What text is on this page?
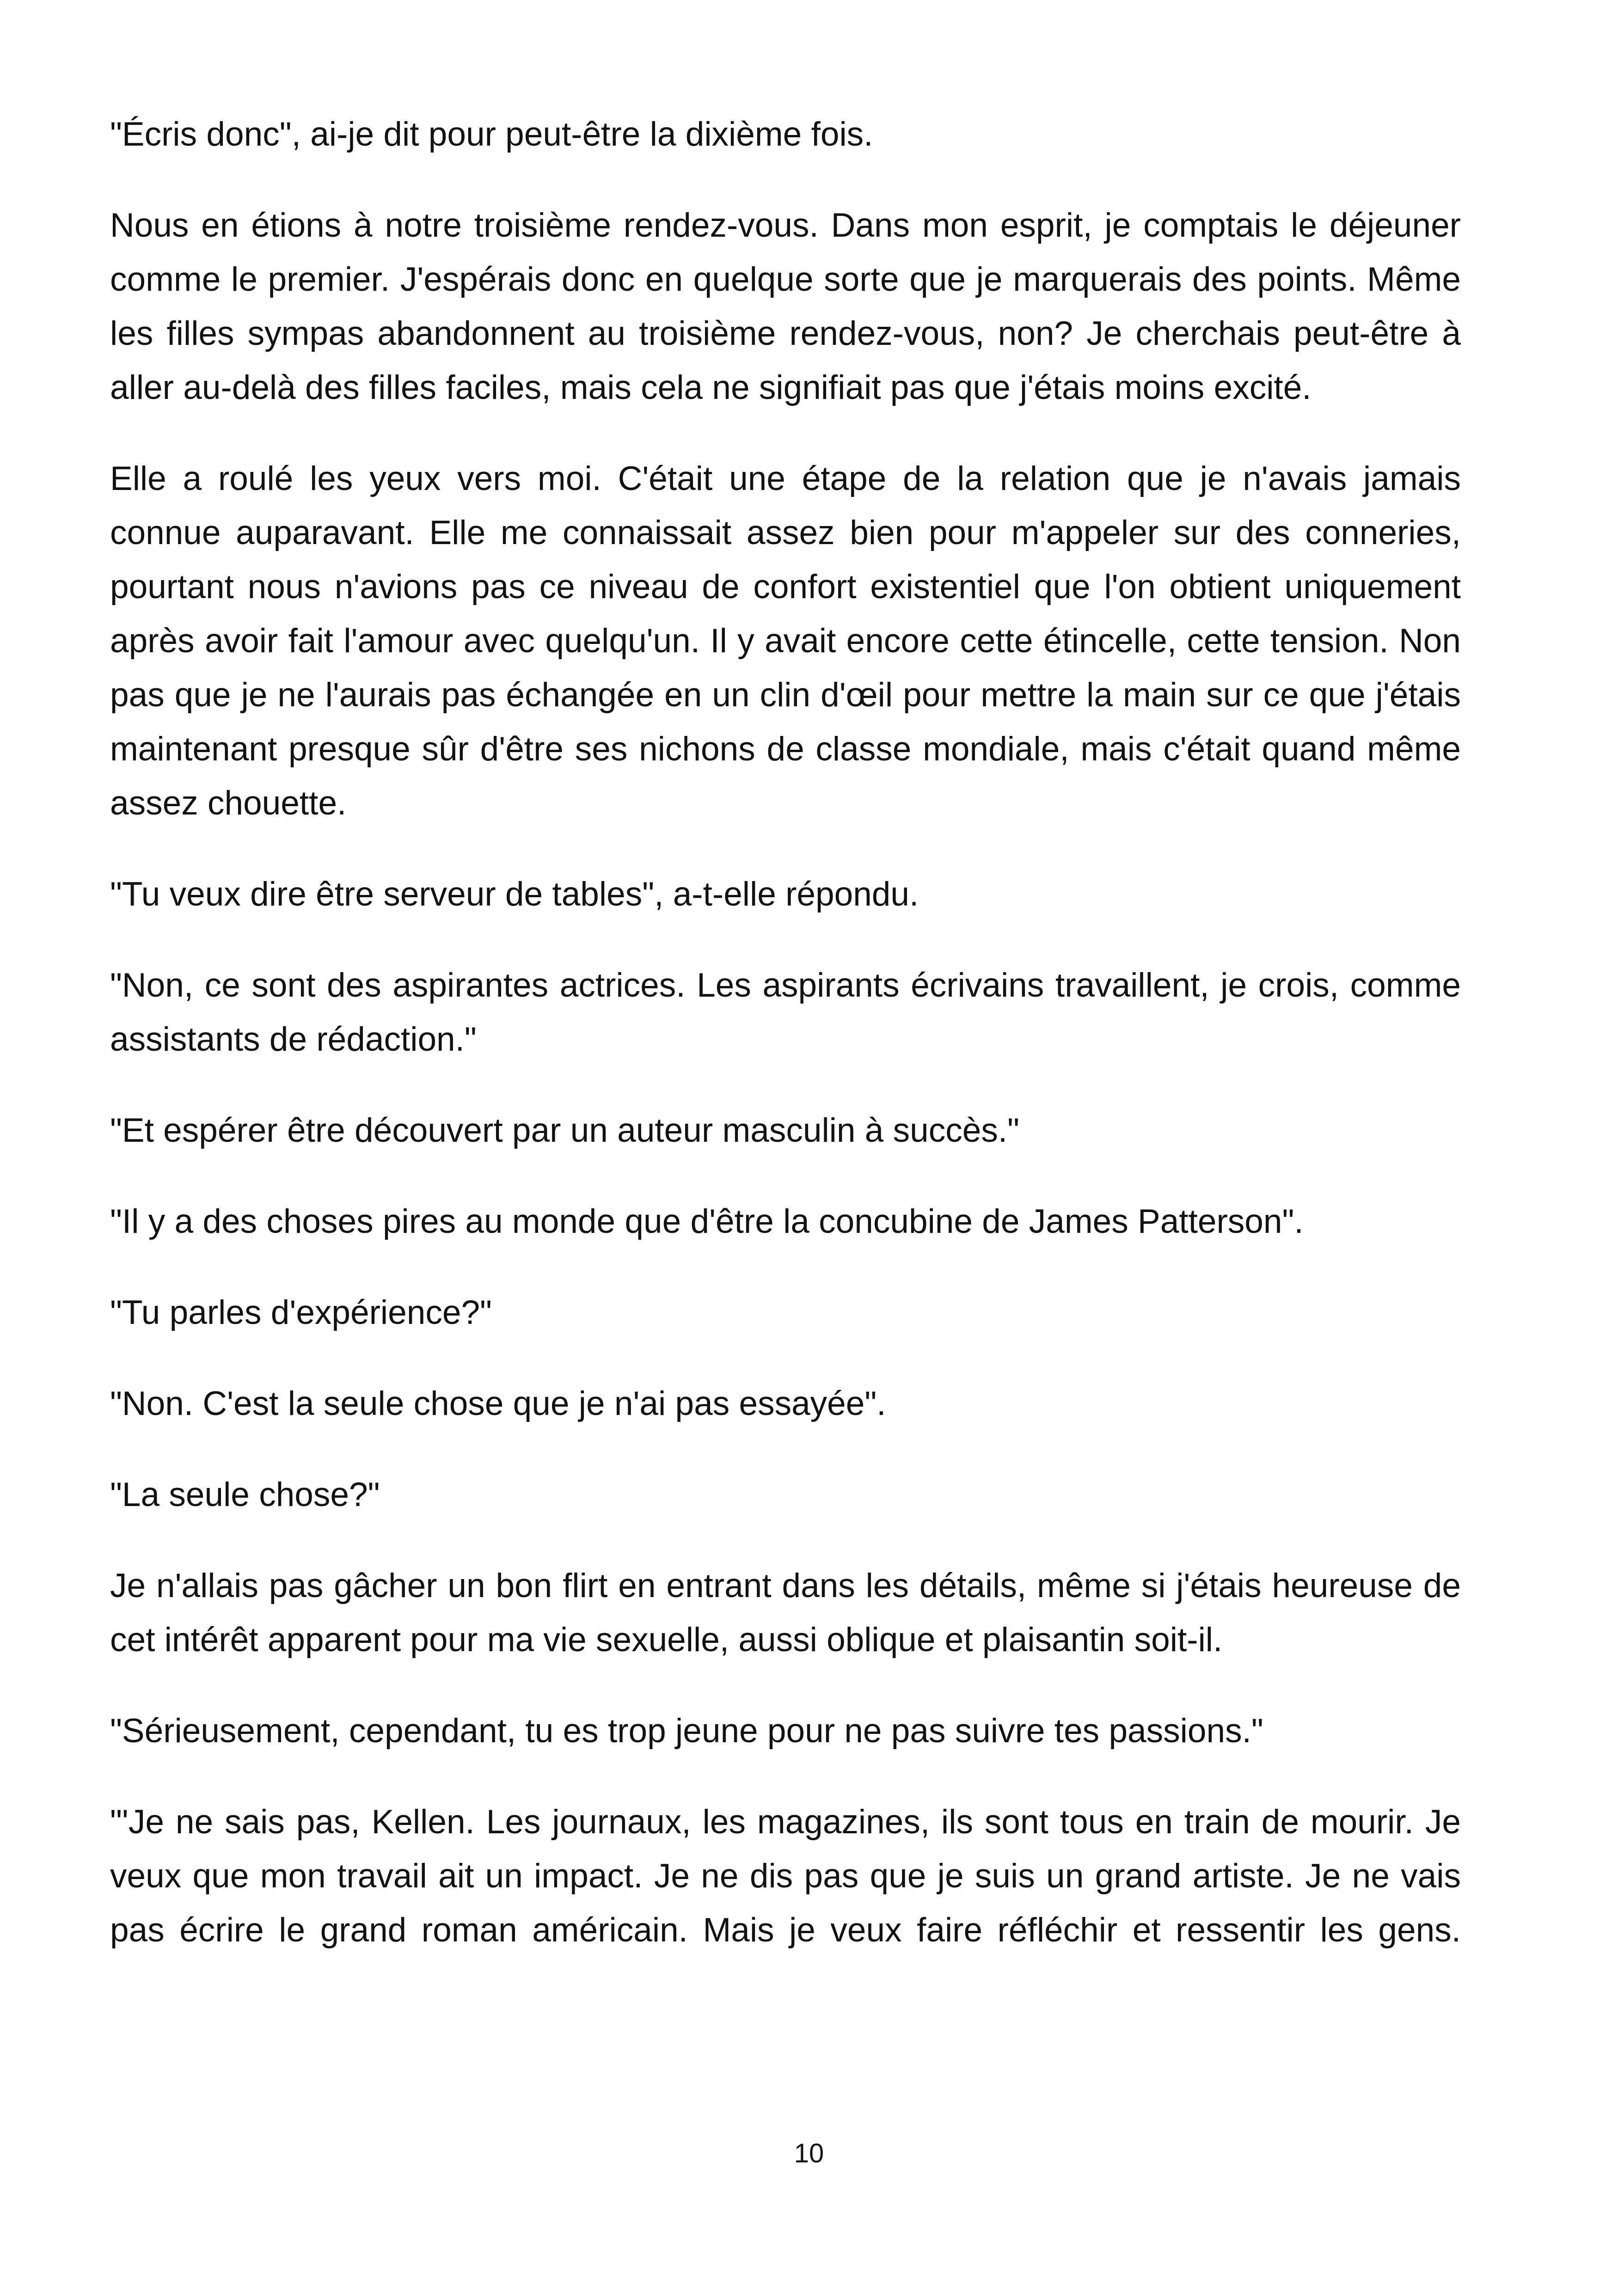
"Écris donc", ai-je dit pour peut-être la dixième fois.

Nous en étions à notre troisième rendez-vous. Dans mon esprit, je comptais le déjeuner comme le premier. J'espérais donc en quelque sorte que je marquerais des points. Même les filles sympas abandonnent au troisième rendez-vous, non? Je cherchais peut-être à aller au-delà des filles faciles, mais cela ne signifiait pas que j'étais moins excité.

Elle a roulé les yeux vers moi. C'était une étape de la relation que je n'avais jamais connue auparavant. Elle me connaissait assez bien pour m'appeler sur des conneries, pourtant nous n'avions pas ce niveau de confort existentiel que l'on obtient uniquement après avoir fait l'amour avec quelqu'un. Il y avait encore cette étincelle, cette tension. Non pas que je ne l'aurais pas échangée en un clin d'œil pour mettre la main sur ce que j'étais maintenant presque sûr d'être ses nichons de classe mondiale, mais c'était quand même assez chouette.

"Tu veux dire être serveur de tables", a-t-elle répondu.

"Non, ce sont des aspirantes actrices. Les aspirants écrivains travaillent, je crois, comme assistants de rédaction."

"Et espérer être découvert par un auteur masculin à succès."

"Il y a des choses pires au monde que d'être la concubine de James Patterson".

"Tu parles d'expérience?"

"Non. C'est la seule chose que je n'ai pas essayée".

"La seule chose?"

Je n'allais pas gâcher un bon flirt en entrant dans les détails, même si j'étais heureuse de cet intérêt apparent pour ma vie sexuelle, aussi oblique et plaisantin soit-il.

"Sérieusement, cependant, tu es trop jeune pour ne pas suivre tes passions."

"'Je ne sais pas, Kellen. Les journaux, les magazines, ils sont tous en train de mourir. Je veux que mon travail ait un impact. Je ne dis pas que je suis un grand artiste. Je ne vais pas écrire le grand roman américain. Mais je veux faire réfléchir et ressentir les gens.

10
